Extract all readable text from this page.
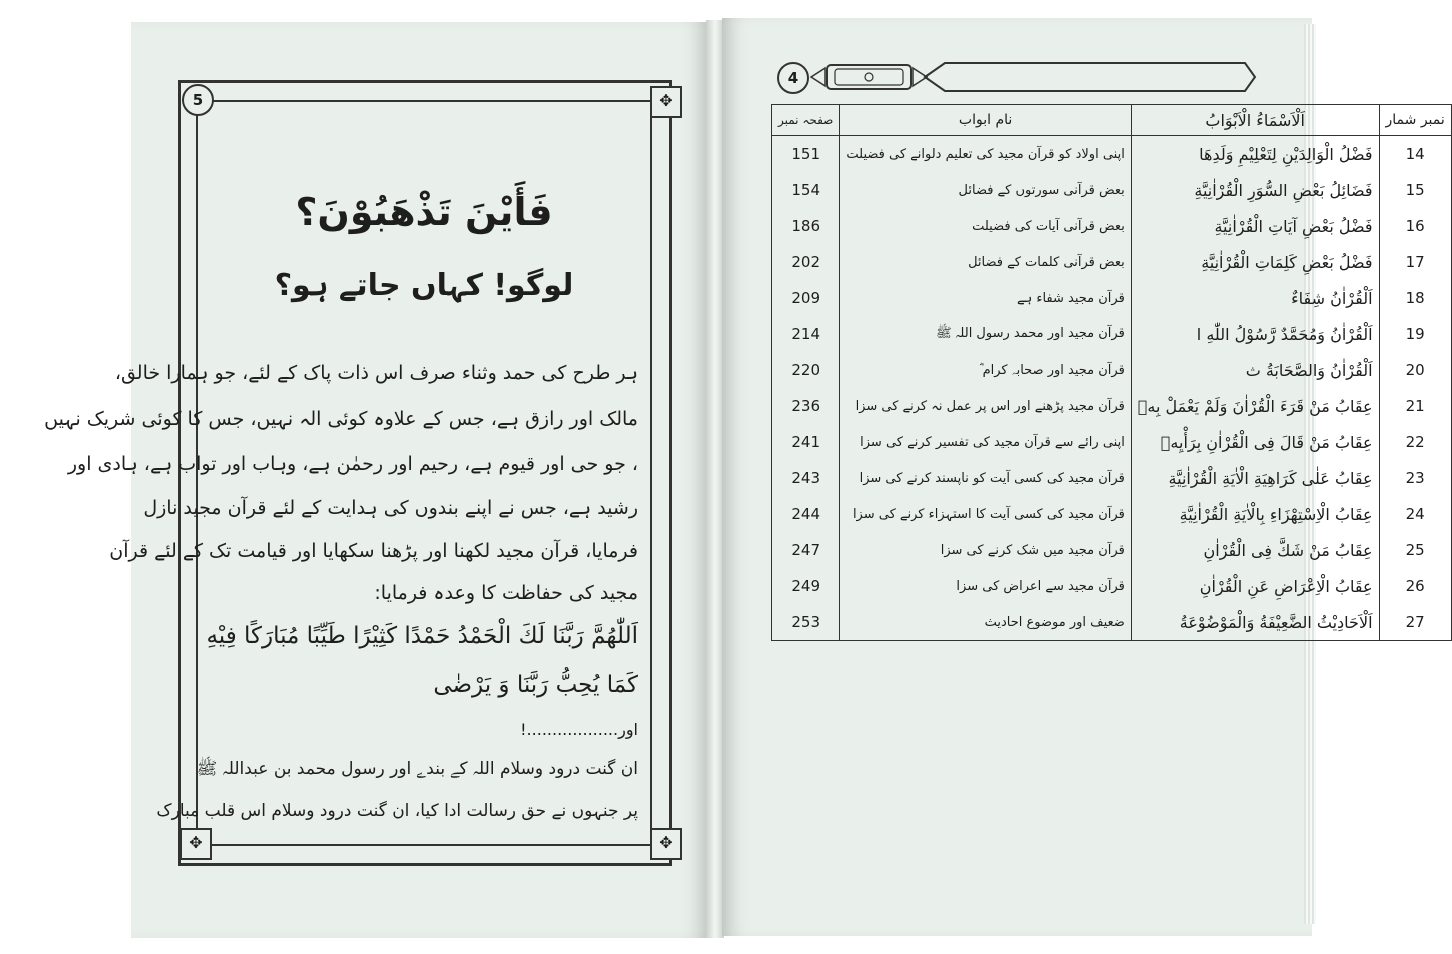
✥
✥	✥
5
فَأَيْنَ تَذْهَبُوْنَ؟
لوگو! کہاں جاتے ہو؟
ہر طرح کی حمد وثناء صرف اس ذات پاک کے لئے، جو ہمارا خالق،
مالک اور رازق ہے، جس کے علاوہ کوئی الہ نہیں، جس کا کوئی شریک نہیں
، جو حی اور قیوم ہے، رحیم اور رحمٰن ہے، وہاب اور تواب ہے، ہادی اور
رشید ہے، جس نے اپنے بندوں کی ہدایت کے لئے قرآن مجید نازل
فرمایا، قرآن مجید لکھنا اور پڑھنا سکھایا اور قیامت تک کے لئے قرآن
مجید کی حفاظت کا وعدہ فرمایا:
اَللّٰهُمَّ رَبَّنَا لَكَ الْحَمْدُ حَمْدًا كَثِيْرًا طَيِّبًا مُبَارَكًا فِيْهِ
كَمَا يُحِبُّ رَبَّنَا وَ يَرْضٰى
اور..................!
ان گنت درود وسلام اللہ کے بندے اور رسول محمد بن عبداللہ ﷺ
پر جنہوں نے حق رسالت ادا کیا، ان گنت درود وسلام اس قلب مبارک
4
نمبر شمار	اَلْاَسْمَاءُ الْاَبْوَابُ	نام ابواب	صفحہ نمبر
14	فَضْلُ الْوَالِدَيْنِ لِتَعْلِيْمِ وَلَدِهَا	اپنی اولاد کو قرآن مجید کی تعلیم دلوانے کی فضیلت	151
15	فَضَائِلُ بَعْضِ السُّوَرِ الْقُرْاٰنِيَّةِ	بعض قرآنی سورتوں کے فضائل	154
16	فَضْلُ بَعْضِ آيَاتِ الْقُرْاٰنِيَّةِ	بعض قرآنی آیات کی فضیلت	186
17	فَضْلُ بَعْضِ كَلِمَاتِ الْقُرْاٰنِيَّةِ	بعض قرآنی کلمات کے فضائل	202
18	اَلْقُرْاٰنُ شِفَاءٌ	قرآن مجید شفاء ہے	209
19	اَلْقُرْاٰنُ وَمُحَمَّدٌ رَّسُوْلُ اللّٰهِ ا	قرآن مجید اور محمد رسول اللہ ﷺ	214
20	اَلْقُرْاٰنُ وَالصَّحَابَةُ ث	قرآن مجید اور صحابہ کرام ؓ	220
21	عِقَابُ مَنْ قَرَءَ الْقُرْاٰنَ وَلَمْ يَعْمَلْ بِهٖ	قرآن مجید پڑھنے اور اس پر عمل نہ کرنے کی سزا	236
22	عِقَابُ مَنْ قَالَ فِى الْقُرْاٰنِ بِرَأْيِهٖ	اپنی رائے سے قرآن مجید کی تفسیر کرنے کی سزا	241
23	عِقَابُ عَلٰى كَرَاهِيَةِ الْاٰيَةِ الْقُرْاٰنِيَّةِ	قرآن مجید کی کسی آیت کو ناپسند کرنے کی سزا	243
24	عِقَابُ الْاِسْتِهْزَاءِ بِالْاٰيَةِ الْقُرْاٰنِيَّةِ	قرآن مجید کی کسی آیت کا استہزاء کرنے کی سزا	244
25	عِقَابُ مَنْ شَكَّ فِى الْقُرْاٰنِ	قرآن مجید میں شک کرنے کی سزا	247
26	عِقَابُ الْاِعْرَاضِ عَنِ الْقُرْاٰنِ	قرآن مجید سے اعراض کی سزا	249
27	اَلْاَحَادِيْثُ الضَّعِيْفَةُ وَالْمَوْضُوْعَةُ	ضعیف اور موضوع احادیث	253
